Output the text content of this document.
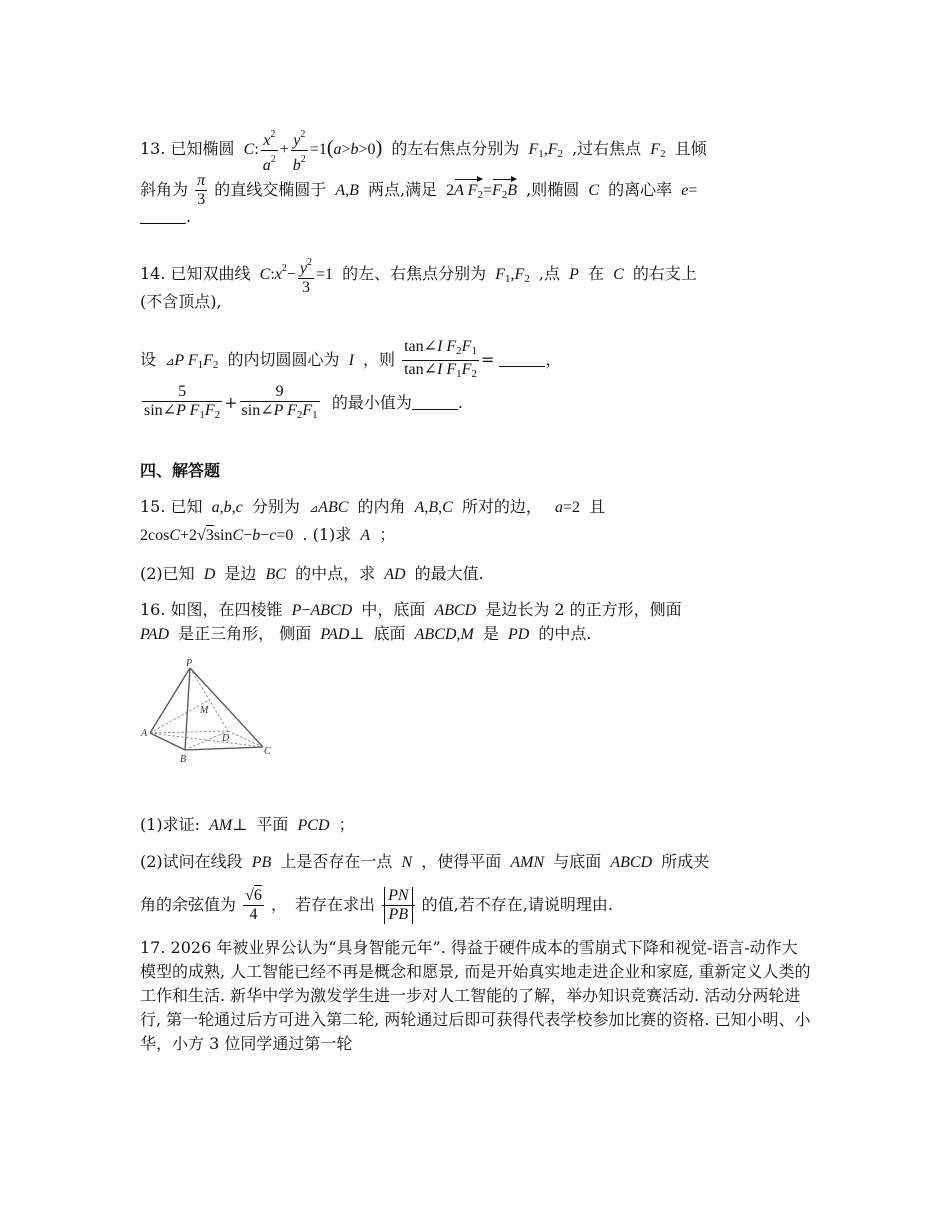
13. 已知椭圆  C: $\frac{x^2}{a^2} + \frac{y^2}{b^2} =1(a>b>0)$ 的左右焦点分别为  $F_1,F_2$ ,过右焦点  $F_2$ 且倾
斜角为 $\frac{\pi}{3}$ 的直线交椭圆于  A,B  两点,满足 2A $F_2=F_2B$ ,则椭圆  C  的离心率  e=
.
14. 已知双曲线  $C:x^2- \frac{y^2}{3} =1$ 的左、右焦点分别为  $F_1,F_2$ ,点  P  在  C  的右支上
(不含顶点),
设 ⊿P $F_1F_2$ 的内切圆圆心为  I  ，则 $\frac{\tan\angle I F_2F_1}{\tan\angle I F_1F_2}$ =	，
$\frac{5}{\sin\angle P F_1F_2} + \frac{9}{\sin\angle P F_2F_1}$ 的最小值为	.
四、解答题
15. 已知  a,b,c  分别为 ⊿ABC  的内角  A,B,C  所对的边，   a=2 且
2cosC+2√3sinC−b−c=0 . (1)求  A  ；
(2)已知  D  是边  BC  的中点，求  AD  的最大值.
16. 如图，在四棱锥  P−ABCD  中，底面  ABCD  是边长为 2 的正方形，侧面
PAD  是正三角形， 侧面  PAD⊥ 底面  ABCD,M  是  PD  的中点.
(1)求证:  AM⊥ 平面  PCD  ；
(2)试问在线段  PB  上是否存在一点  N  ，使得平面  AMN  与底面  ABCD  所成夹
角的余弦值为 $\frac{√6}{4}$ ，　若存在求出 $\frac{PN}{PB}$ 的值,若不存在,请说明理由.
17. 2026 年被业界公认为“具身智能元年”. 得益于硬件成本的雪崩式下降和视觉-语言-动作大模型的成熟, 人工智能已经不再是概念和愿景, 而是开始真实地走进企业和家庭, 重新定义人类的工作和生活. 新华中学为激发学生进一步对人工智能的了解，举办知识竞赛活动. 活动分两轮进行, 第一轮通过后方可进入第二轮, 两轮通过后即可获得代表学校参加比赛的资格. 已知小明、小华，小方 3 位同学通过第一轮
P
M
A	D
B
C
